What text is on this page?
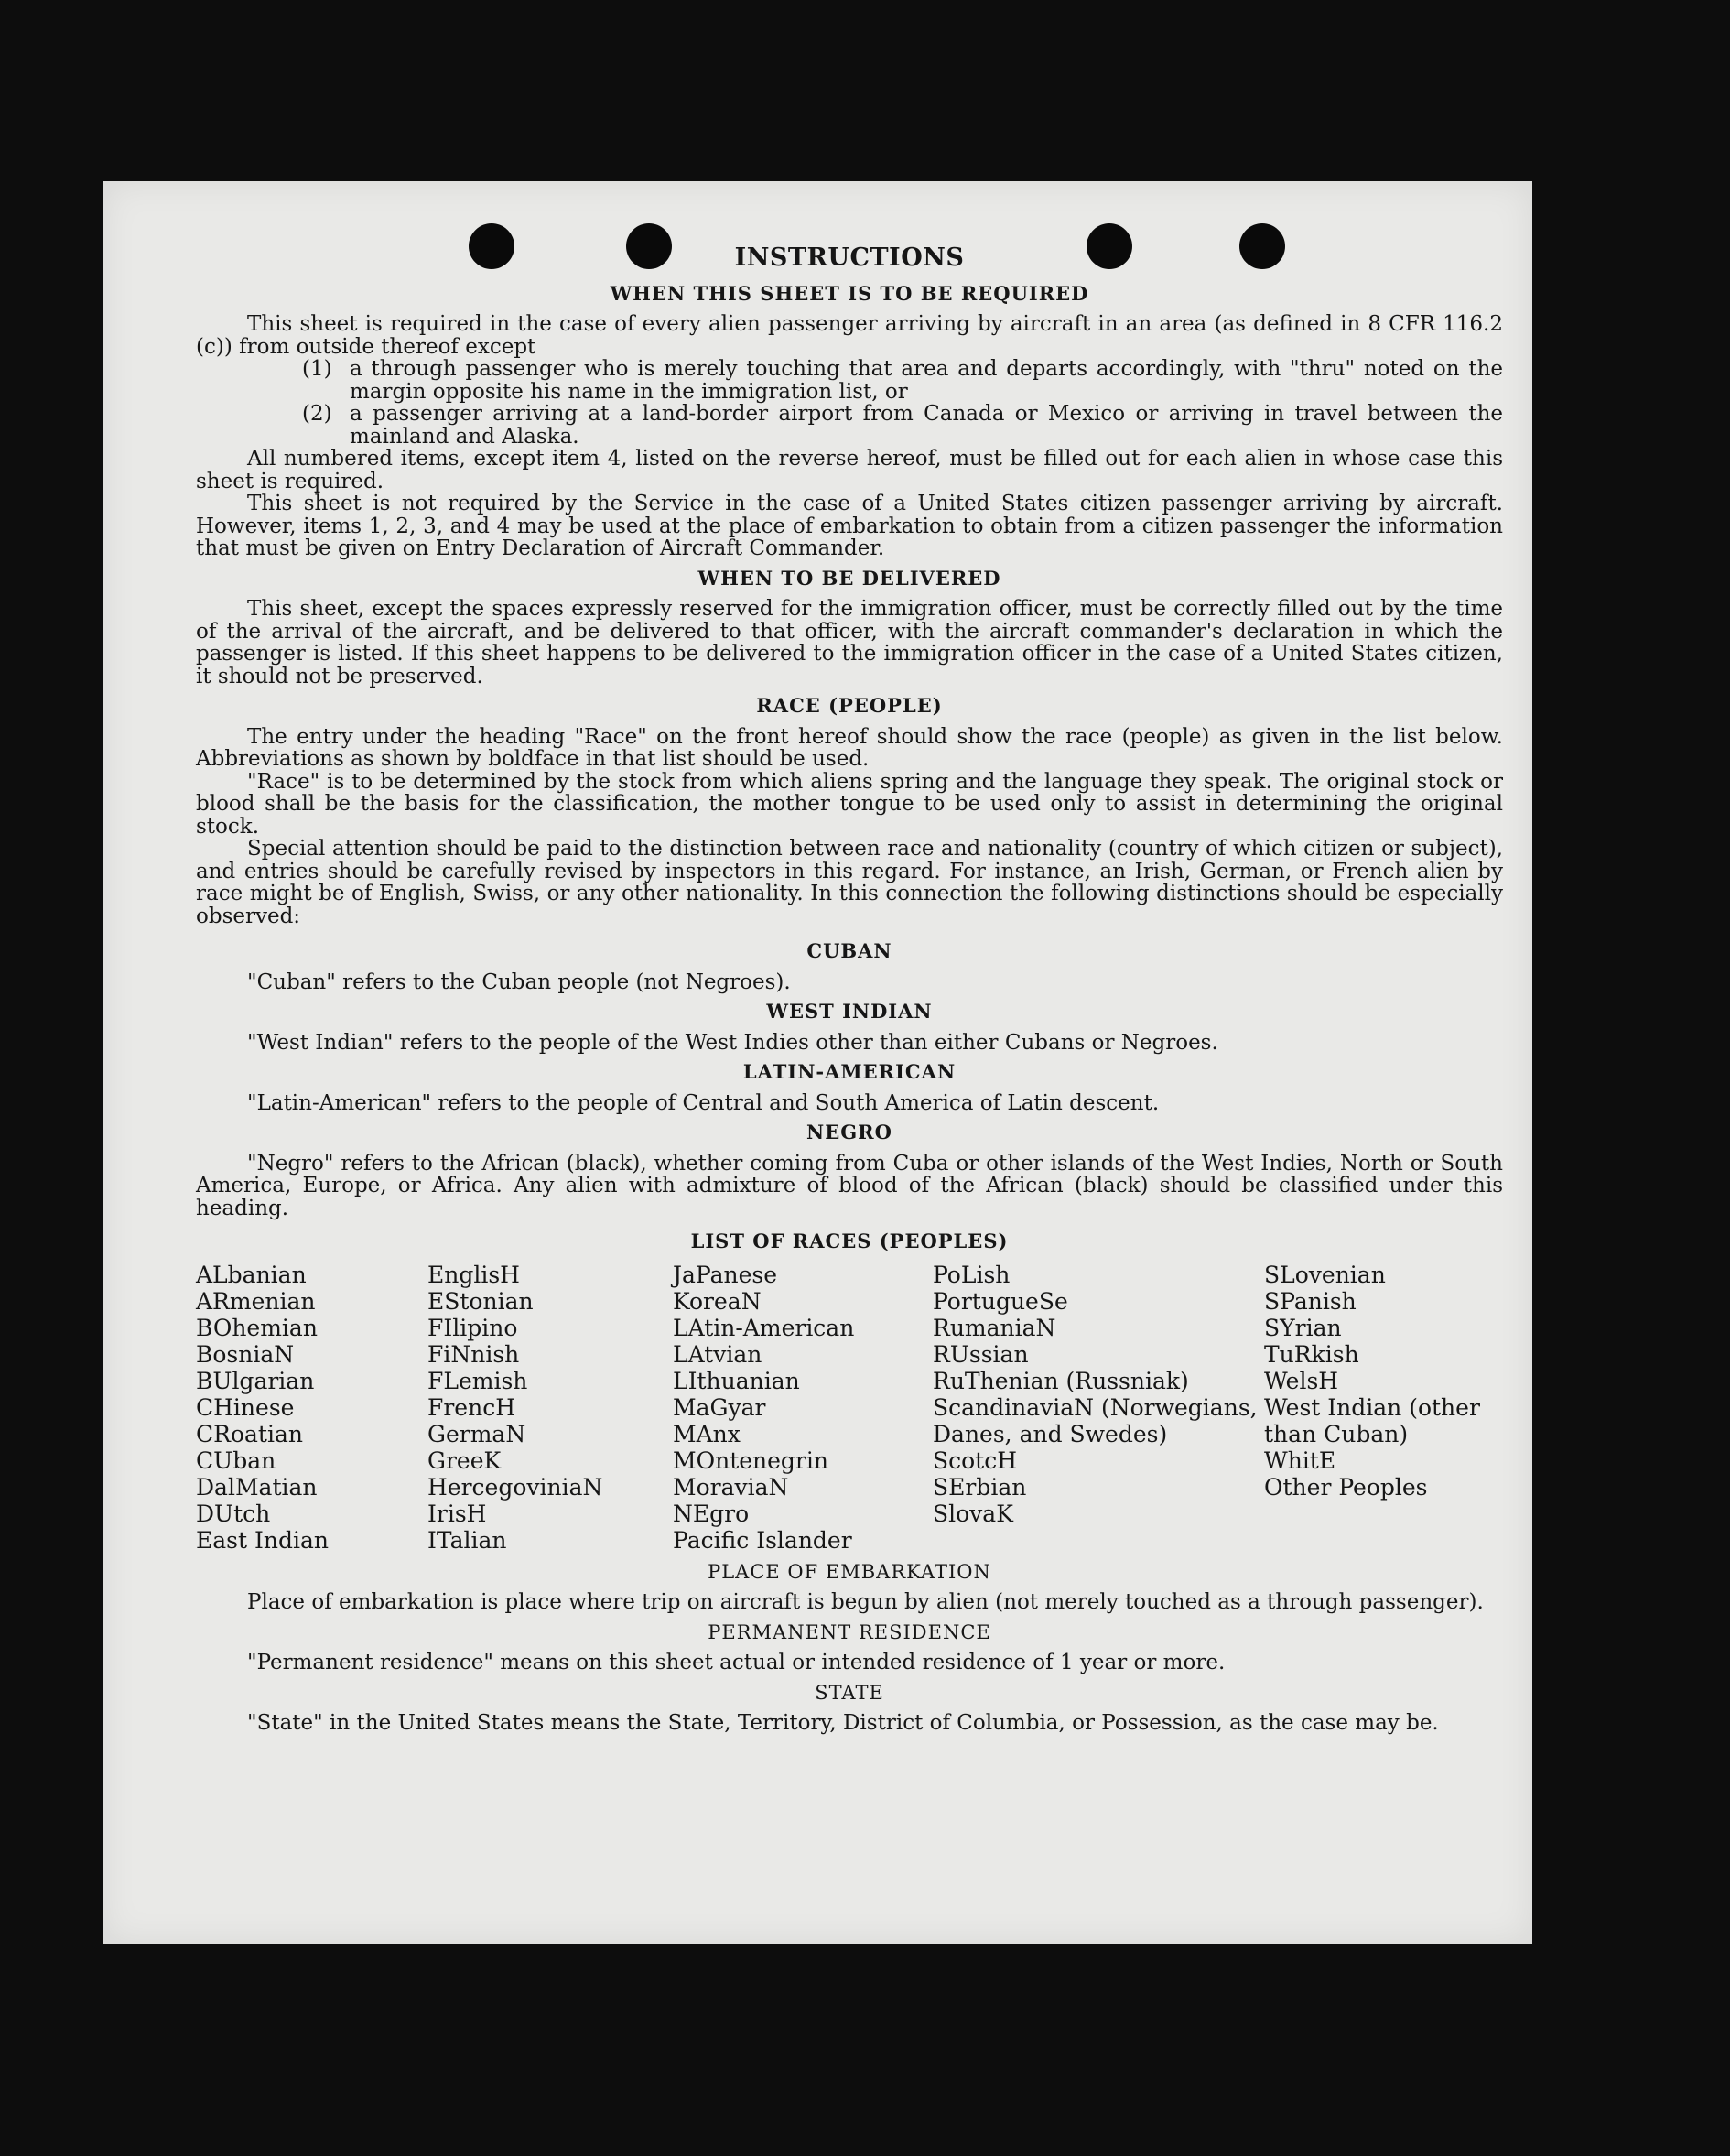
INSTRUCTIONS
WHEN THIS SHEET IS TO BE REQUIRED

This sheet is required in the case of every alien passenger arriving by aircraft in an area (as defined in 8 CFR 116.2 (c)) from outside thereof except

(1) a through passenger who is merely touching that area and departs accordingly, with "thru" noted on the margin opposite his name in the immigration list, or
(2) a passenger arriving at a land-border airport from Canada or Mexico or arriving in travel between the mainland and Alaska.

All numbered items, except item 4, listed on the reverse hereof, must be filled out for each alien in whose case this sheet is required.

This sheet is not required by the Service in the case of a United States citizen passenger arriving by aircraft. However, items 1, 2, 3, and 4 may be used at the place of embarkation to obtain from a citizen passenger the information that must be given on Entry Declaration of Aircraft Commander.

WHEN TO BE DELIVERED

This sheet, except the spaces expressly reserved for the immigration officer, must be correctly filled out by the time of the arrival of the aircraft, and be delivered to that officer, with the aircraft commander's declaration in which the passenger is listed. If this sheet happens to be delivered to the immigration officer in the case of a United States citizen, it should not be preserved.

RACE (PEOPLE)

The entry under the heading "Race" on the front hereof should show the race (people) as given in the list below. Abbreviations as shown by boldface in that list should be used.

"Race" is to be determined by the stock from which aliens spring and the language they speak. The original stock or blood shall be the basis for the classification, the mother tongue to be used only to assist in determining the original stock.

Special attention should be paid to the distinction between race and nationality (country of which citizen or subject), and entries should be carefully revised by inspectors in this regard. For instance, an Irish, German, or French alien by race might be of English, Swiss, or any other nationality. In this connection the following distinctions should be especially observed:

CUBAN

"Cuban" refers to the Cuban people (not Negroes).

WEST INDIAN

"West Indian" refers to the people of the West Indies other than either Cubans or Negroes.

LATIN-AMERICAN

"Latin-American" refers to the people of Central and South America of Latin descent.

NEGRO

"Negro" refers to the African (black), whether coming from Cuba or other islands of the West Indies, North or South America, Europe, or Africa. Any alien with admixture of blood of the African (black) should be classified under this heading.

LIST OF RACES (PEOPLES)
ALbanian
ARmenian
BOhemian
BosniaN
BUlgarian
CHinese
CRoatian
CUban
DalMatian
DUtch
East Indian
EnglisH
EStonian
FIlipino
FiNnish
FLemish
FrencH
GermaN
GreeK
HercegoviniaN
IrisH
ITalian
JaPanese
KoreaN
LAtin-American
LAtvian
LIthuanian
MaGyar
MAnx
MOntenegrin
MoraviaN
NEgro
Pacific Islander
PoLish
PortugueSe
RumaniaN
RUssian
RuThenian (Russniak)
ScandinaviaN (Norwegians, Danes, and Swedes)
ScotcH
SErbian
SlovaK
SLovenian
SPanish
SYrian
TuRkish
WelsH
West Indian (other than Cuban)
WhitE
Other Peoples
PLACE OF EMBARKATION

Place of embarkation is place where trip on aircraft is begun by alien (not merely touched as a through passenger).

PERMANENT RESIDENCE

"Permanent residence" means on this sheet actual or intended residence of 1 year or more.

STATE

"State" in the United States means the State, Territory, District of Columbia, or Possession, as the case may be.
